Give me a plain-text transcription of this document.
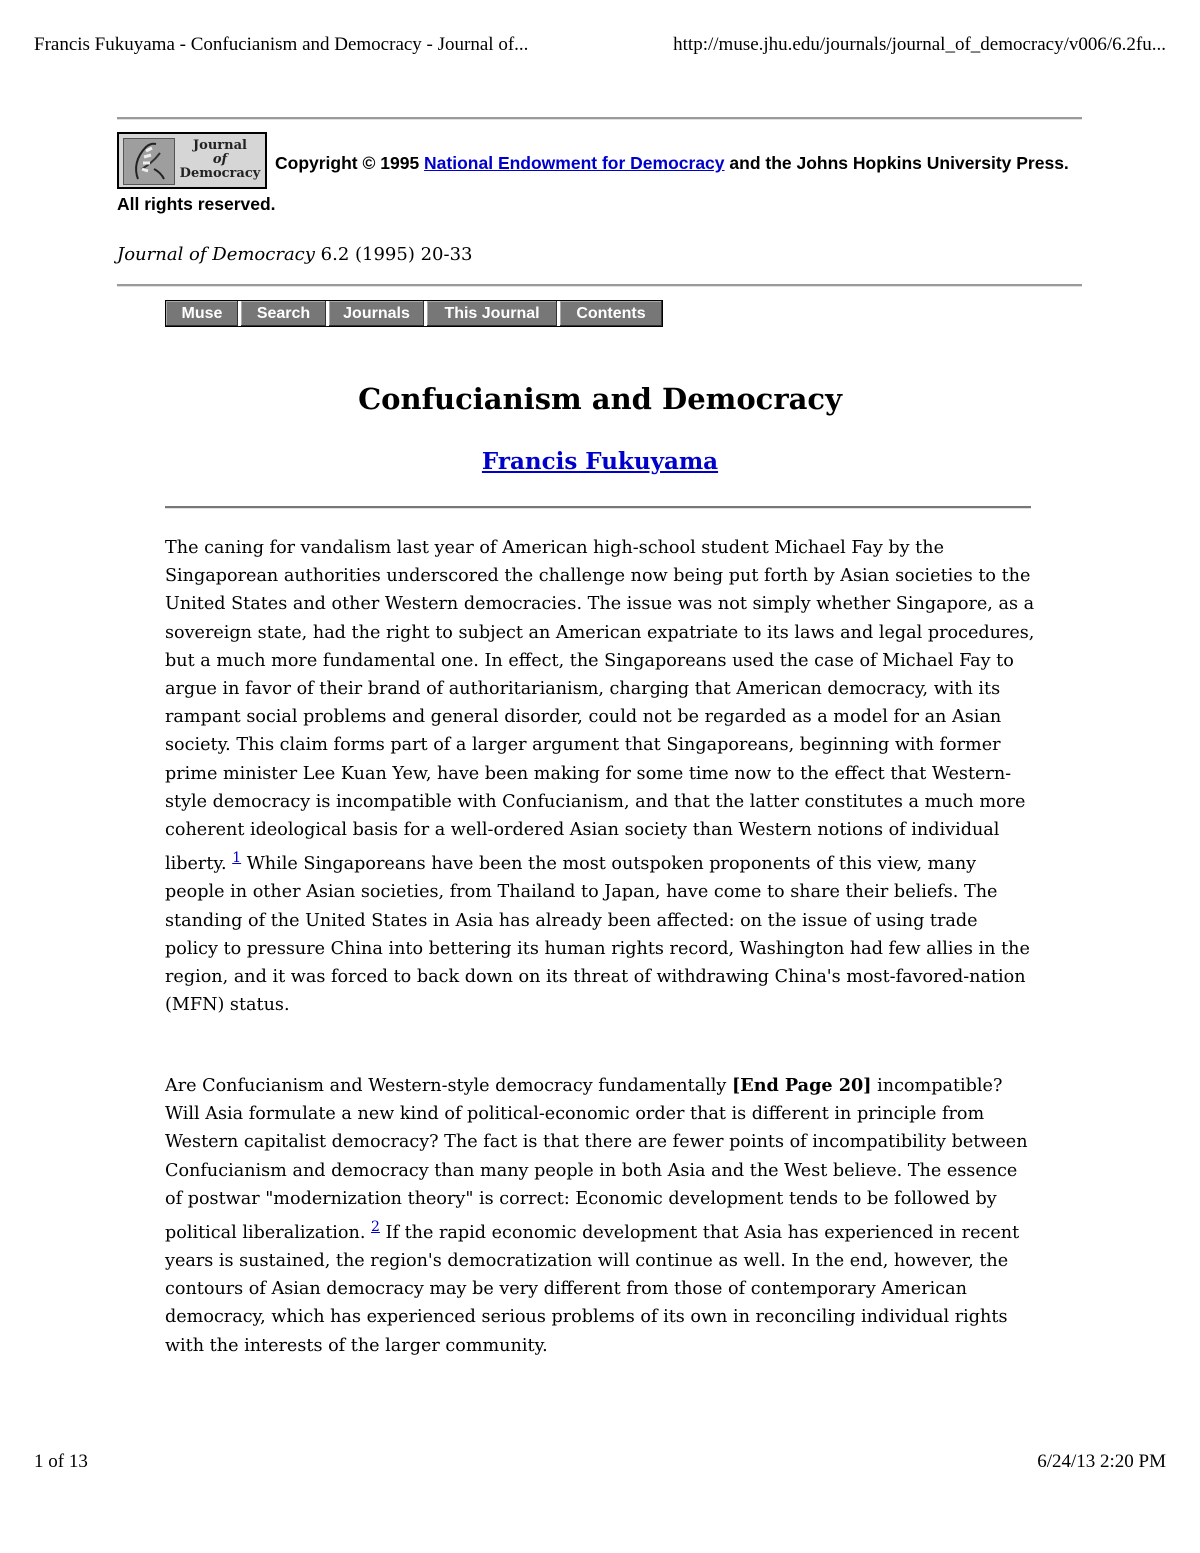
Francis Fukuyama - Confucianism and Democracy - Journal of...	http://muse.jhu.edu/journals/journal_of_democracy/v006/6.2fu...
Journal
of
Democracy
Copyright © 1995 National Endowment for Democracy and the Johns Hopkins University Press. All rights reserved.
Journal of Democracy 6.2 (1995) 20-33
Muse	Search	Journals	This Journal	Contents
Confucianism and Democracy
Francis Fukuyama

The caning for vandalism last year of American high-school student Michael Fay by the Singaporean authorities underscored the challenge now being put forth by Asian societies to the United States and other Western democracies. The issue was not simply whether Singapore, as a sovereign state, had the right to subject an American expatriate to its laws and legal procedures, but a much more fundamental one. In effect, the Singaporeans used the case of Michael Fay to argue in favor of their brand of authoritarianism, charging that American democracy, with its rampant social problems and general disorder, could not be regarded as a model for an Asian society. This claim forms part of a larger argument that Singaporeans, beginning with former prime minister Lee Kuan Yew, have been making for some time now to the effect that Western-style democracy is incompatible with Confucianism, and that the latter constitutes a much more coherent ideological basis for a well-ordered Asian society than Western notions of individual liberty. $^1$ While Singaporeans have been the most outspoken proponents of this view, many people in other Asian societies, from Thailand to Japan, have come to share their beliefs. The standing of the United States in Asia has already been affected: on the issue of using trade policy to pressure China into bettering its human rights record, Washington had few allies in the region, and it was forced to back down on its threat of withdrawing China's most-favored-nation (MFN) status.

Are Confucianism and Western-style democracy fundamentally [End Page 20] incompatible? Will Asia formulate a new kind of political-economic order that is different in principle from Western capitalist democracy? The fact is that there are fewer points of incompatibility between Confucianism and democracy than many people in both Asia and the West believe. The essence of postwar "modernization theory" is correct: Economic development tends to be followed by political liberalization. $^2$ If the rapid economic development that Asia has experienced in recent years is sustained, the region's democratization will continue as well. In the end, however, the contours of Asian democracy may be very different from those of contemporary American democracy, which has experienced serious problems of its own in reconciling individual rights with the interests of the larger community.

1 of 13	6/24/13 2:20 PM
